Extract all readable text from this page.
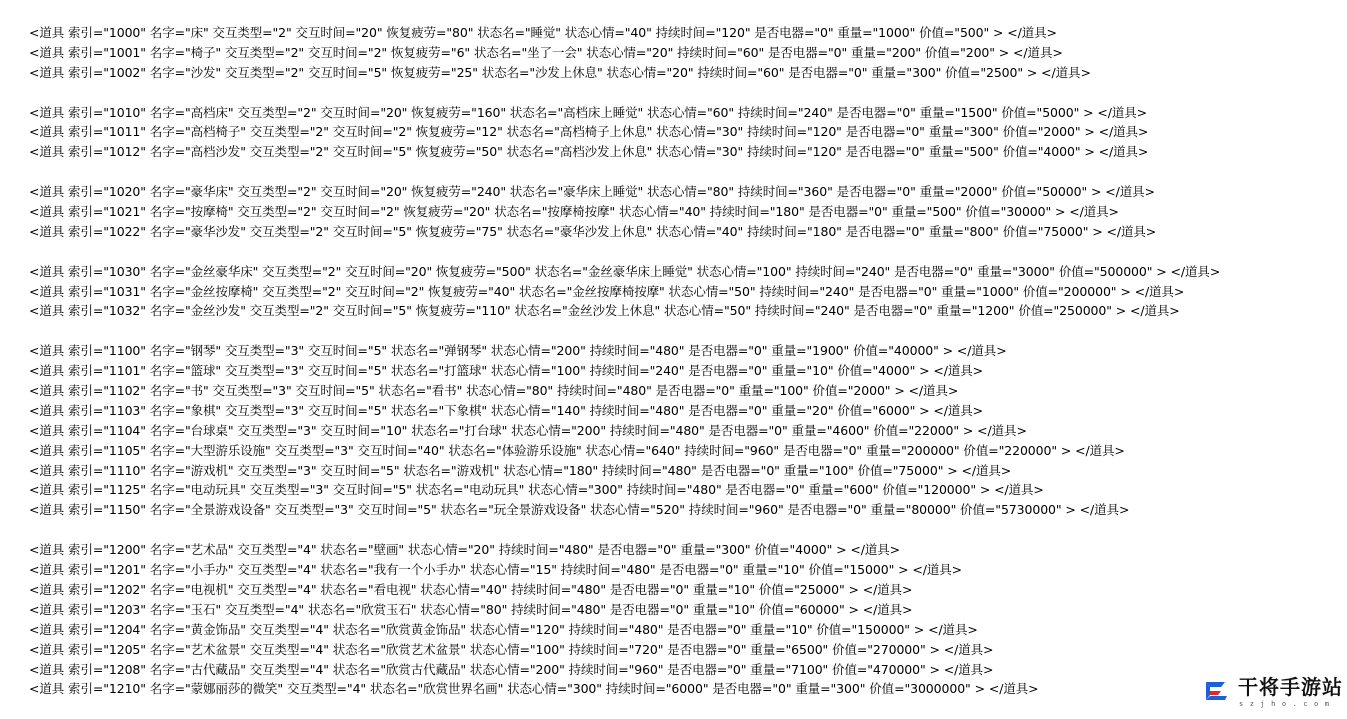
<道具 索引="1000" 名字="床" 交互类型="2" 交互时间="20" 恢复疲劳="80" 状态名="睡觉" 状态心情="40" 持续时间="120" 是否电器="0" 重量="1000" 价值="500" > </道具>
<道具 索引="1001" 名字="椅子" 交互类型="2" 交互时间="2" 恢复疲劳="6" 状态名="坐了一会" 状态心情="20" 持续时间="60" 是否电器="0" 重量="200" 价值="200" > </道具>
<道具 索引="1002" 名字="沙发" 交互类型="2" 交互时间="5" 恢复疲劳="25" 状态名="沙发上休息" 状态心情="20" 持续时间="60" 是否电器="0" 重量="300" 价值="2500" > </道具>
<道具 索引="1010" 名字="高档床" 交互类型="2" 交互时间="20" 恢复疲劳="160" 状态名="高档床上睡觉" 状态心情="60" 持续时间="240" 是否电器="0" 重量="1500" 价值="5000" > </道具>
<道具 索引="1011" 名字="高档椅子" 交互类型="2" 交互时间="2" 恢复疲劳="12" 状态名="高档椅子上休息" 状态心情="30" 持续时间="120" 是否电器="0" 重量="300" 价值="2000" > </道具>
<道具 索引="1012" 名字="高档沙发" 交互类型="2" 交互时间="5" 恢复疲劳="50" 状态名="高档沙发上休息" 状态心情="30" 持续时间="120" 是否电器="0" 重量="500" 价值="4000" > </道具>
<道具 索引="1020" 名字="豪华床" 交互类型="2" 交互时间="20" 恢复疲劳="240" 状态名="豪华床上睡觉" 状态心情="80" 持续时间="360" 是否电器="0" 重量="2000" 价值="50000" > </道具>
<道具 索引="1021" 名字="按摩椅" 交互类型="2" 交互时间="2" 恢复疲劳="20" 状态名="按摩椅按摩" 状态心情="40" 持续时间="180" 是否电器="0" 重量="500" 价值="30000" > </道具>
<道具 索引="1022" 名字="豪华沙发" 交互类型="2" 交互时间="5" 恢复疲劳="75" 状态名="豪华沙发上休息" 状态心情="40" 持续时间="180" 是否电器="0" 重量="800" 价值="75000" > </道具>
<道具 索引="1030" 名字="金丝豪华床" 交互类型="2" 交互时间="20" 恢复疲劳="500" 状态名="金丝豪华床上睡觉" 状态心情="100" 持续时间="240" 是否电器="0" 重量="3000" 价值="500000" > </道具>
<道具 索引="1031" 名字="金丝按摩椅" 交互类型="2" 交互时间="2" 恢复疲劳="40" 状态名="金丝按摩椅按摩" 状态心情="50" 持续时间="240" 是否电器="0" 重量="1000" 价值="200000" > </道具>
<道具 索引="1032" 名字="金丝沙发" 交互类型="2" 交互时间="5" 恢复疲劳="110" 状态名="金丝沙发上休息" 状态心情="50" 持续时间="240" 是否电器="0" 重量="1200" 价值="250000" > </道具>
<道具 索引="1100" 名字="钢琴" 交互类型="3" 交互时间="5" 状态名="弹钢琴" 状态心情="200" 持续时间="480" 是否电器="0" 重量="1900" 价值="40000" > </道具>
<道具 索引="1101" 名字="篮球" 交互类型="3" 交互时间="5" 状态名="打篮球" 状态心情="100" 持续时间="240" 是否电器="0" 重量="10" 价值="4000" > </道具>
<道具 索引="1102" 名字="书" 交互类型="3" 交互时间="5" 状态名="看书" 状态心情="80" 持续时间="480" 是否电器="0" 重量="100" 价值="2000" > </道具>
<道具 索引="1103" 名字="象棋" 交互类型="3" 交互时间="5" 状态名="下象棋" 状态心情="140" 持续时间="480" 是否电器="0" 重量="20" 价值="6000" > </道具>
<道具 索引="1104" 名字="台球桌" 交互类型="3" 交互时间="10" 状态名="打台球" 状态心情="200" 持续时间="480" 是否电器="0" 重量="4600" 价值="22000" > </道具>
<道具 索引="1105" 名字="大型游乐设施" 交互类型="3" 交互时间="40" 状态名="体验游乐设施" 状态心情="640" 持续时间="960" 是否电器="0" 重量="200000" 价值="220000" > </道具>
<道具 索引="1110" 名字="游戏机" 交互类型="3" 交互时间="5" 状态名="游戏机" 状态心情="180" 持续时间="480" 是否电器="0" 重量="100" 价值="75000" > </道具>
<道具 索引="1125" 名字="电动玩具" 交互类型="3" 交互时间="5" 状态名="电动玩具" 状态心情="300" 持续时间="480" 是否电器="0" 重量="600" 价值="120000" > </道具>
<道具 索引="1150" 名字="全景游戏设备" 交互类型="3" 交互时间="5" 状态名="玩全景游戏设备" 状态心情="520" 持续时间="960" 是否电器="0" 重量="80000" 价值="5730000" > </道具>
<道具 索引="1200" 名字="艺术品" 交互类型="4" 状态名="壁画" 状态心情="20" 持续时间="480" 是否电器="0" 重量="300" 价值="4000" > </道具>
<道具 索引="1201" 名字="小手办" 交互类型="4" 状态名="我有一个小手办" 状态心情="15" 持续时间="480" 是否电器="0" 重量="10" 价值="15000" > </道具>
<道具 索引="1202" 名字="电视机" 交互类型="4" 状态名="看电视" 状态心情="40" 持续时间="480" 是否电器="0" 重量="10" 价值="25000" > </道具>
<道具 索引="1203" 名字="玉石" 交互类型="4" 状态名="欣赏玉石" 状态心情="80" 持续时间="480" 是否电器="0" 重量="10" 价值="60000" > </道具>
<道具 索引="1204" 名字="黄金饰品" 交互类型="4" 状态名="欣赏黄金饰品" 状态心情="120" 持续时间="480" 是否电器="0" 重量="10" 价值="150000" > </道具>
<道具 索引="1205" 名字="艺术盆景" 交互类型="4" 状态名="欣赏艺术盆景" 状态心情="100" 持续时间="720" 是否电器="0" 重量="6500" 价值="270000" > </道具>
<道具 索引="1208" 名字="古代藏品" 交互类型="4" 状态名="欣赏古代藏品" 状态心情="200" 持续时间="960" 是否电器="0" 重量="7100" 价值="470000" > </道具>
<道具 索引="1210" 名字="蒙娜丽莎的微笑" 交互类型="4" 状态名="欣赏世界名画" 状态心情="300" 持续时间="6000" 是否电器="0" 重量="300" 价值="3000000" > </道具>	干将手游站
szjho.com
